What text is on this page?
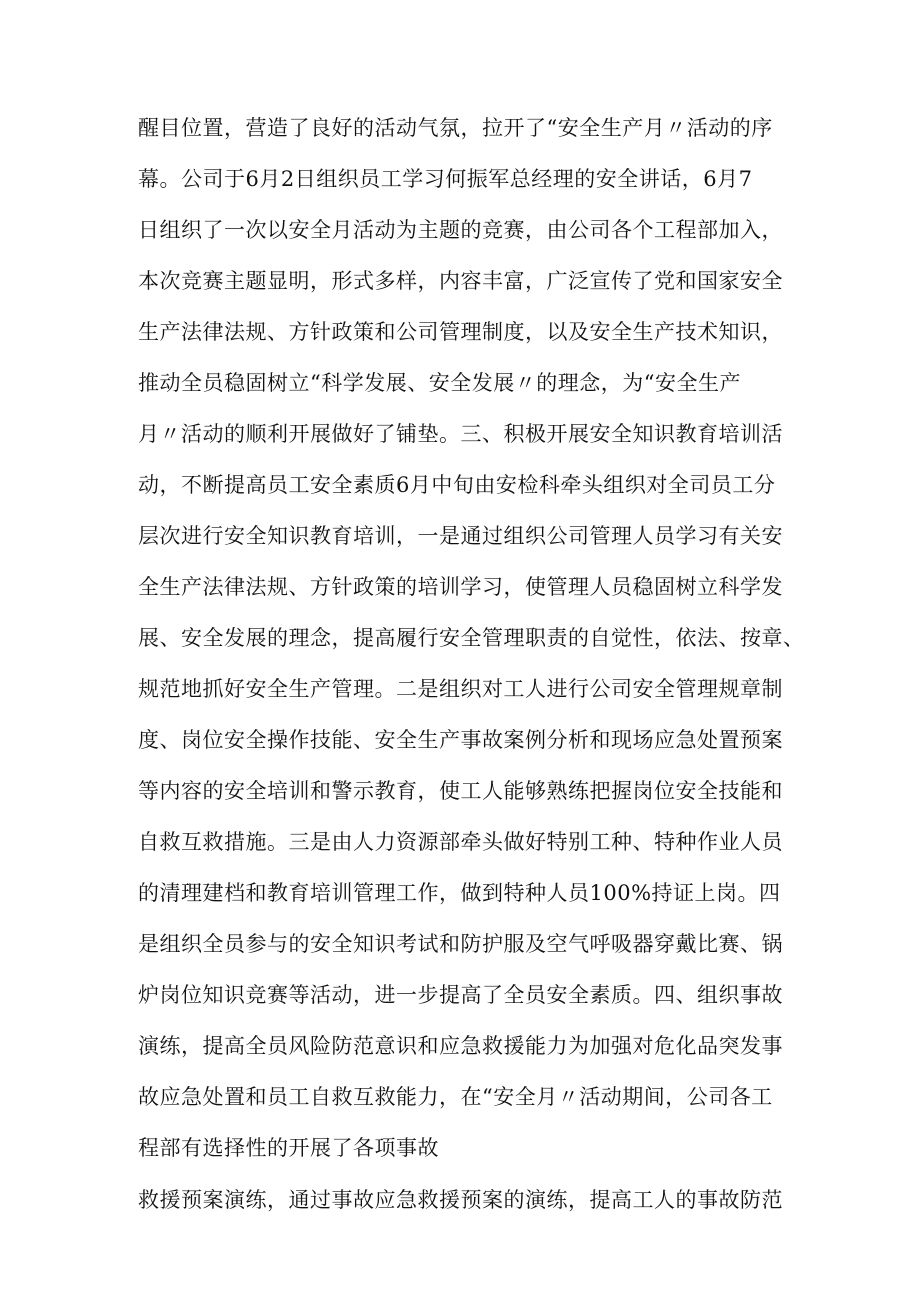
醒目位置，营造了良好的活动气氛，拉开了“安全生产月〃活动的序
幕。公司于6月2日组织员工学习何振军总经理的安全讲话，6月7
日组织了一次以安全月活动为主题的竞赛，由公司各个工程部加入，
本次竞赛主题显明，形式多样，内容丰富，广泛宣传了党和国家安全
生产法律法规、方针政策和公司管理制度，以及安全生产技术知识，
推动全员稳固树立“科学发展、安全发展〃的理念，为“安全生产
月〃活动的顺利开展做好了铺垫。三、积极开展安全知识教育培训活
动，不断提高员工安全素质6月中旬由安检科牵头组织对全司员工分
层次进行安全知识教育培训，一是通过组织公司管理人员学习有关安
全生产法律法规、方针政策的培训学习，使管理人员稳固树立科学发
展、安全发展的理念，提高履行安全管理职责的自觉性，依法、按章、
规范地抓好安全生产管理。二是组织对工人进行公司安全管理规章制
度、岗位安全操作技能、安全生产事故案例分析和现场应急处置预案
等内容的安全培训和警示教育，使工人能够熟练把握岗位安全技能和
自救互救措施。三是由人力资源部牵头做好特别工种、特种作业人员
的清理建档和教育培训管理工作，做到特种人员100%持证上岗。四
是组织全员参与的安全知识考试和防护服及空气呼吸器穿戴比赛、锅
炉岗位知识竞赛等活动，进一步提高了全员安全素质。四、组织事故
演练，提高全员风险防范意识和应急救援能力为加强对危化品突发事
故应急处置和员工自救互救能力，在“安全月〃活动期间，公司各工
程部有选择性的开展了各项事故
救援预案演练，通过事故应急救援预案的演练，提高工人的事故防范
